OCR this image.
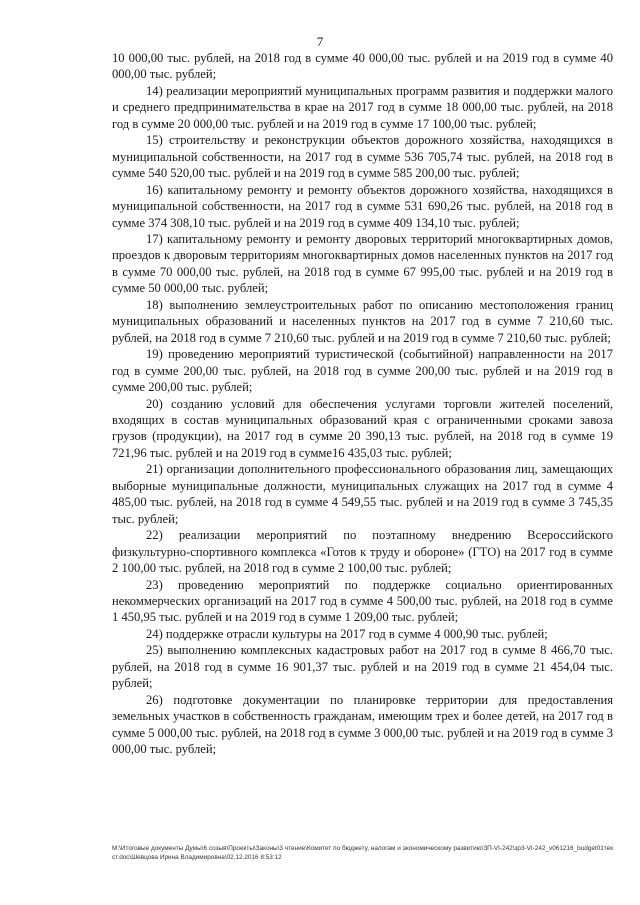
7

10 000,00 тыс. рублей, на 2018 год в сумме 40 000,00 тыс. рублей и на 2019 год в сумме 40 000,00 тыс. рублей;

14) реализации мероприятий муниципальных программ развития и поддержки малого и среднего предпринимательства в крае на 2017 год в сумме 18 000,00 тыс. рублей, на 2018 год в сумме 20 000,00 тыс. рублей и на 2019 год в сумме 17 100,00 тыс. рублей;

15) строительству и реконструкции объектов дорожного хозяйства, находящихся в муниципальной собственности, на 2017 год в сумме 536 705,74 тыс. рублей, на 2018 год в сумме 540 520,00 тыс. рублей и на 2019 год в сумме 585 200,00 тыс. рублей;

16) капитальному ремонту и ремонту объектов дорожного хозяйства, находящихся в муниципальной собственности, на 2017 год в сумме 531 690,26 тыс. рублей, на 2018 год в сумме 374 308,10 тыс. рублей и на 2019 год в сумме 409 134,10 тыс. рублей;

17) капитальному ремонту и ремонту дворовых территорий многоквартирных домов, проездов к дворовым территориям многоквартирных домов населенных пунктов на 2017 год в сумме 70 000,00 тыс. рублей, на 2018 год в сумме 67 995,00 тыс. рублей и на 2019 год в сумме 50 000,00 тыс. рублей;

18) выполнению землеустроительных работ по описанию местоположения границ муниципальных образований и населенных пунктов на 2017 год в сумме 7 210,60 тыс. рублей, на 2018 год в сумме 7 210,60 тыс. рублей и на 2019 год в сумме 7 210,60 тыс. рублей;

19) проведению мероприятий туристической (событийной) направленности на 2017 год в сумме 200,00 тыс. рублей, на 2018 год в сумме 200,00 тыс. рублей и на 2019 год в сумме 200,00 тыс. рублей;

20) созданию условий для обеспечения услугами торговли жителей поселений, входящих в состав муниципальных образований края с ограниченными сроками завоза грузов (продукции), на 2017 год в сумме 20 390,13 тыс. рублей, на 2018 год в сумме 19 721,96 тыс. рублей и на 2019 год в сумме16 435,03 тыс. рублей;

21) организации дополнительного профессионального образования лиц, замещающих выборные муниципальные должности, муниципальных служащих на 2017 год в сумме 4 485,00 тыс. рублей, на 2018 год в сумме 4 549,55 тыс. рублей и на 2019 год в сумме 3 745,35 тыс. рублей;

22) реализации мероприятий по поэтапному внедрению Всероссийского физкультурно-спортивного комплекса «Готов к труду и обороне» (ГТО) на 2017 год в сумме 2 100,00 тыс. рублей, на 2018 год в сумме 2 100,00 тыс. рублей;

23) проведению мероприятий по поддержке социально ориентированных некоммерческих организаций на 2017 год в сумме 4 500,00 тыс. рублей, на 2018 год в сумме 1 450,95 тыс. рублей и на 2019 год в сумме 1 209,00 тыс. рублей;

24) поддержке отрасли культуры на 2017 год в сумме 4 000,90 тыс. рублей;

25) выполнению комплексных кадастровых работ на 2017 год в сумме 8 466,70 тыс. рублей, на 2018 год в сумме 16 901,37 тыс. рублей и на 2019 год в сумме 21 454,04 тыс. рублей;

26) подготовке документации по планировке территории для предоставления земельных участков в собственность гражданам, имеющим трех и более детей, на 2017 год в сумме 5 000,00 тыс. рублей, на 2018 год в сумме 3 000,00 тыс. рублей и на 2019 год в сумме 3 000,00 тыс. рублей;

M:\Итоговые документы Думы\6 созыв\Проекты\Законы\3 чтение\Комитет по бюджету, налогам и экономическому развитию\ЗП-VI-242\зр3-VI-242_v061216_budget01текст.doc\Шевцова Ирина Владимировна\02.12.2016 8:53:12
